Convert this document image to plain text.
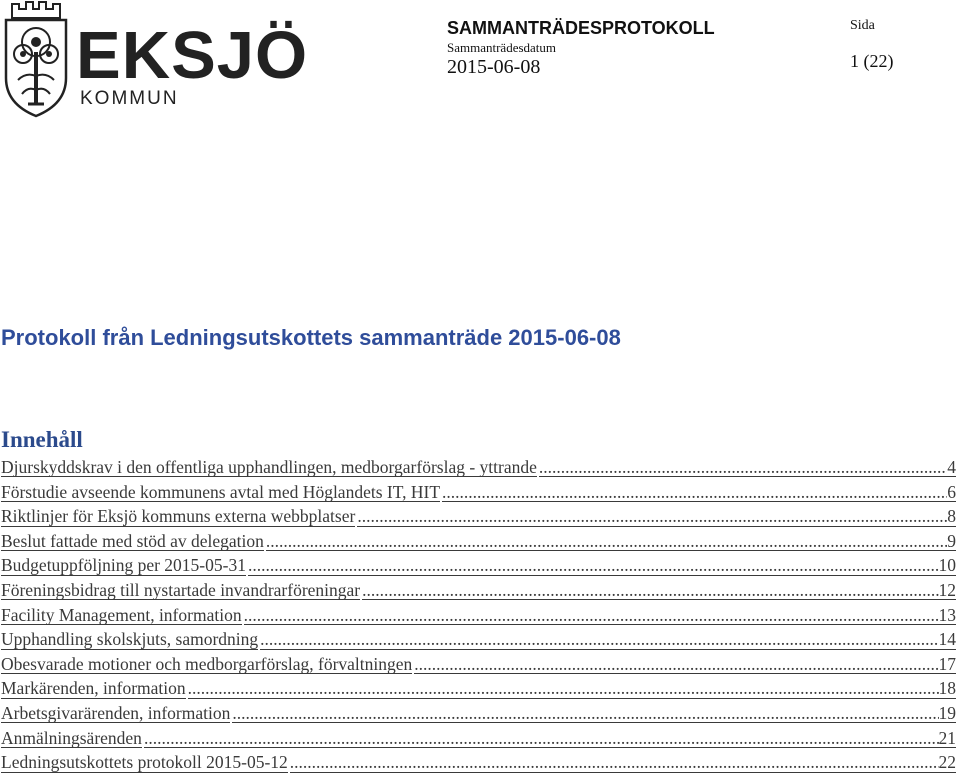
EKSJÖ
KOMMUN
SAMMANTRÄDESPROTOKOLL
Sammanträdesdatum
2015-06-08
Sida
1 (22)
Protokoll från Ledningsutskottets sammanträde 2015-06-08
Innehåll
Djurskyddskrav i den offentliga upphandlingen, medborgarförslag - yttrande .....	4
Förstudie avseende kommunens avtal med Höglandets IT, HIT .....	6
Riktlinjer för Eksjö kommuns externa webbplatser .....	8
Beslut fattade med stöd av delegation .....	9
Budgetuppföljning per 2015-05-31 .....	10
Föreningsbidrag till nystartade invandrarföreningar .....	12
Facility Management, information .....	13
Upphandling skolskjuts, samordning .....	14
Obesvarade motioner och medborgarförslag, förvaltningen .....	17
Markärenden, information .....	18
Arbetsgivarärenden, information .....	19
Anmälningsärenden .....	21
Ledningsutskottets protokoll 2015-05-12 .....	22
